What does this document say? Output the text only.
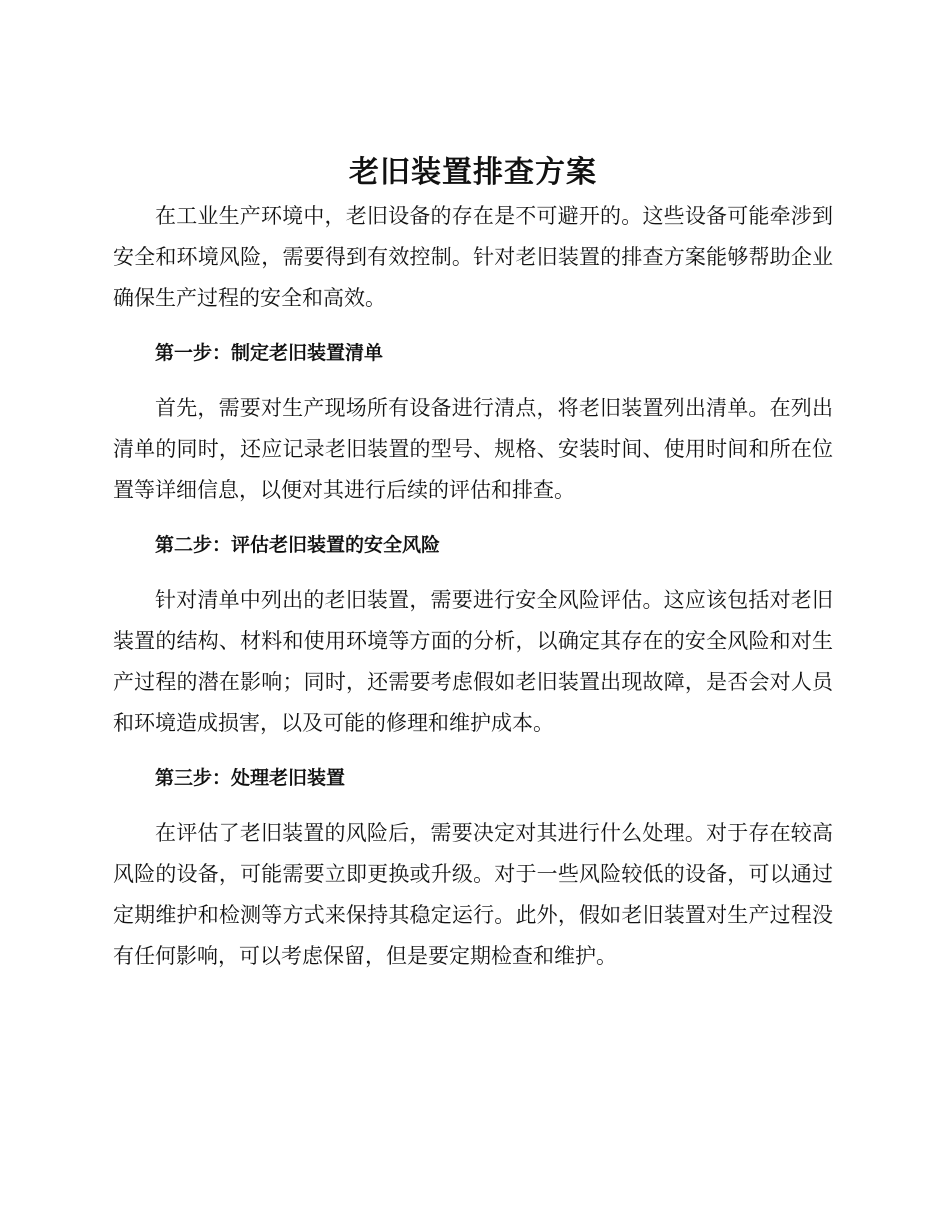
老旧装置排查方案

在工业生产环境中，老旧设备的存在是不可避开的。这些设备可能牵涉到安全和环境风险，需要得到有效控制。针对老旧装置的排查方案能够帮助企业确保生产过程的安全和高效。

第一步：制定老旧装置清单

首先，需要对生产现场所有设备进行清点，将老旧装置列出清单。在列出清单的同时，还应记录老旧装置的型号、规格、安装时间、使用时间和所在位置等详细信息，以便对其进行后续的评估和排查。

第二步：评估老旧装置的安全风险

针对清单中列出的老旧装置，需要进行安全风险评估。这应该包括对老旧装置的结构、材料和使用环境等方面的分析，以确定其存在的安全风险和对生产过程的潜在影响；同时，还需要考虑假如老旧装置出现故障，是否会对人员和环境造成损害，以及可能的修理和维护成本。

第三步：处理老旧装置

在评估了老旧装置的风险后，需要决定对其进行什么处理。对于存在较高风险的设备，可能需要立即更换或升级。对于一些风险较低的设备，可以通过定期维护和检测等方式来保持其稳定运行。此外，假如老旧装置对生产过程没有任何影响，可以考虑保留，但是要定期检查和维护。
